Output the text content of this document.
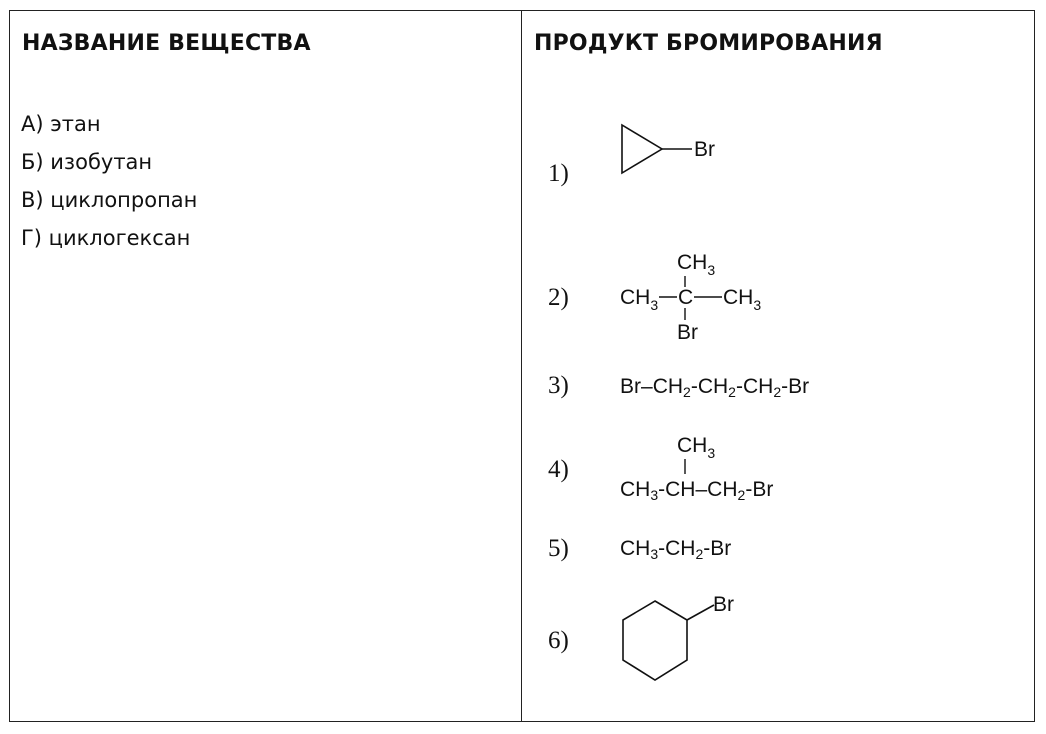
НАЗВАНИЕ ВЕЩЕСТВА	ПРОДУКТ БРОМИРОВАНИЯ
А) этан
Б) изобутан
В) циклопропан
Г) циклогексан
1)
Br
2)
$CH_3$
$CH_3$ C $CH_3$
Br
3) $Br-CH_2-CH_2-CH_2-Br$
4)
$CH_3$
$CH_3-CH-CH_2-Br$
5) $CH_3-CH_2-Br$
6)
Br
